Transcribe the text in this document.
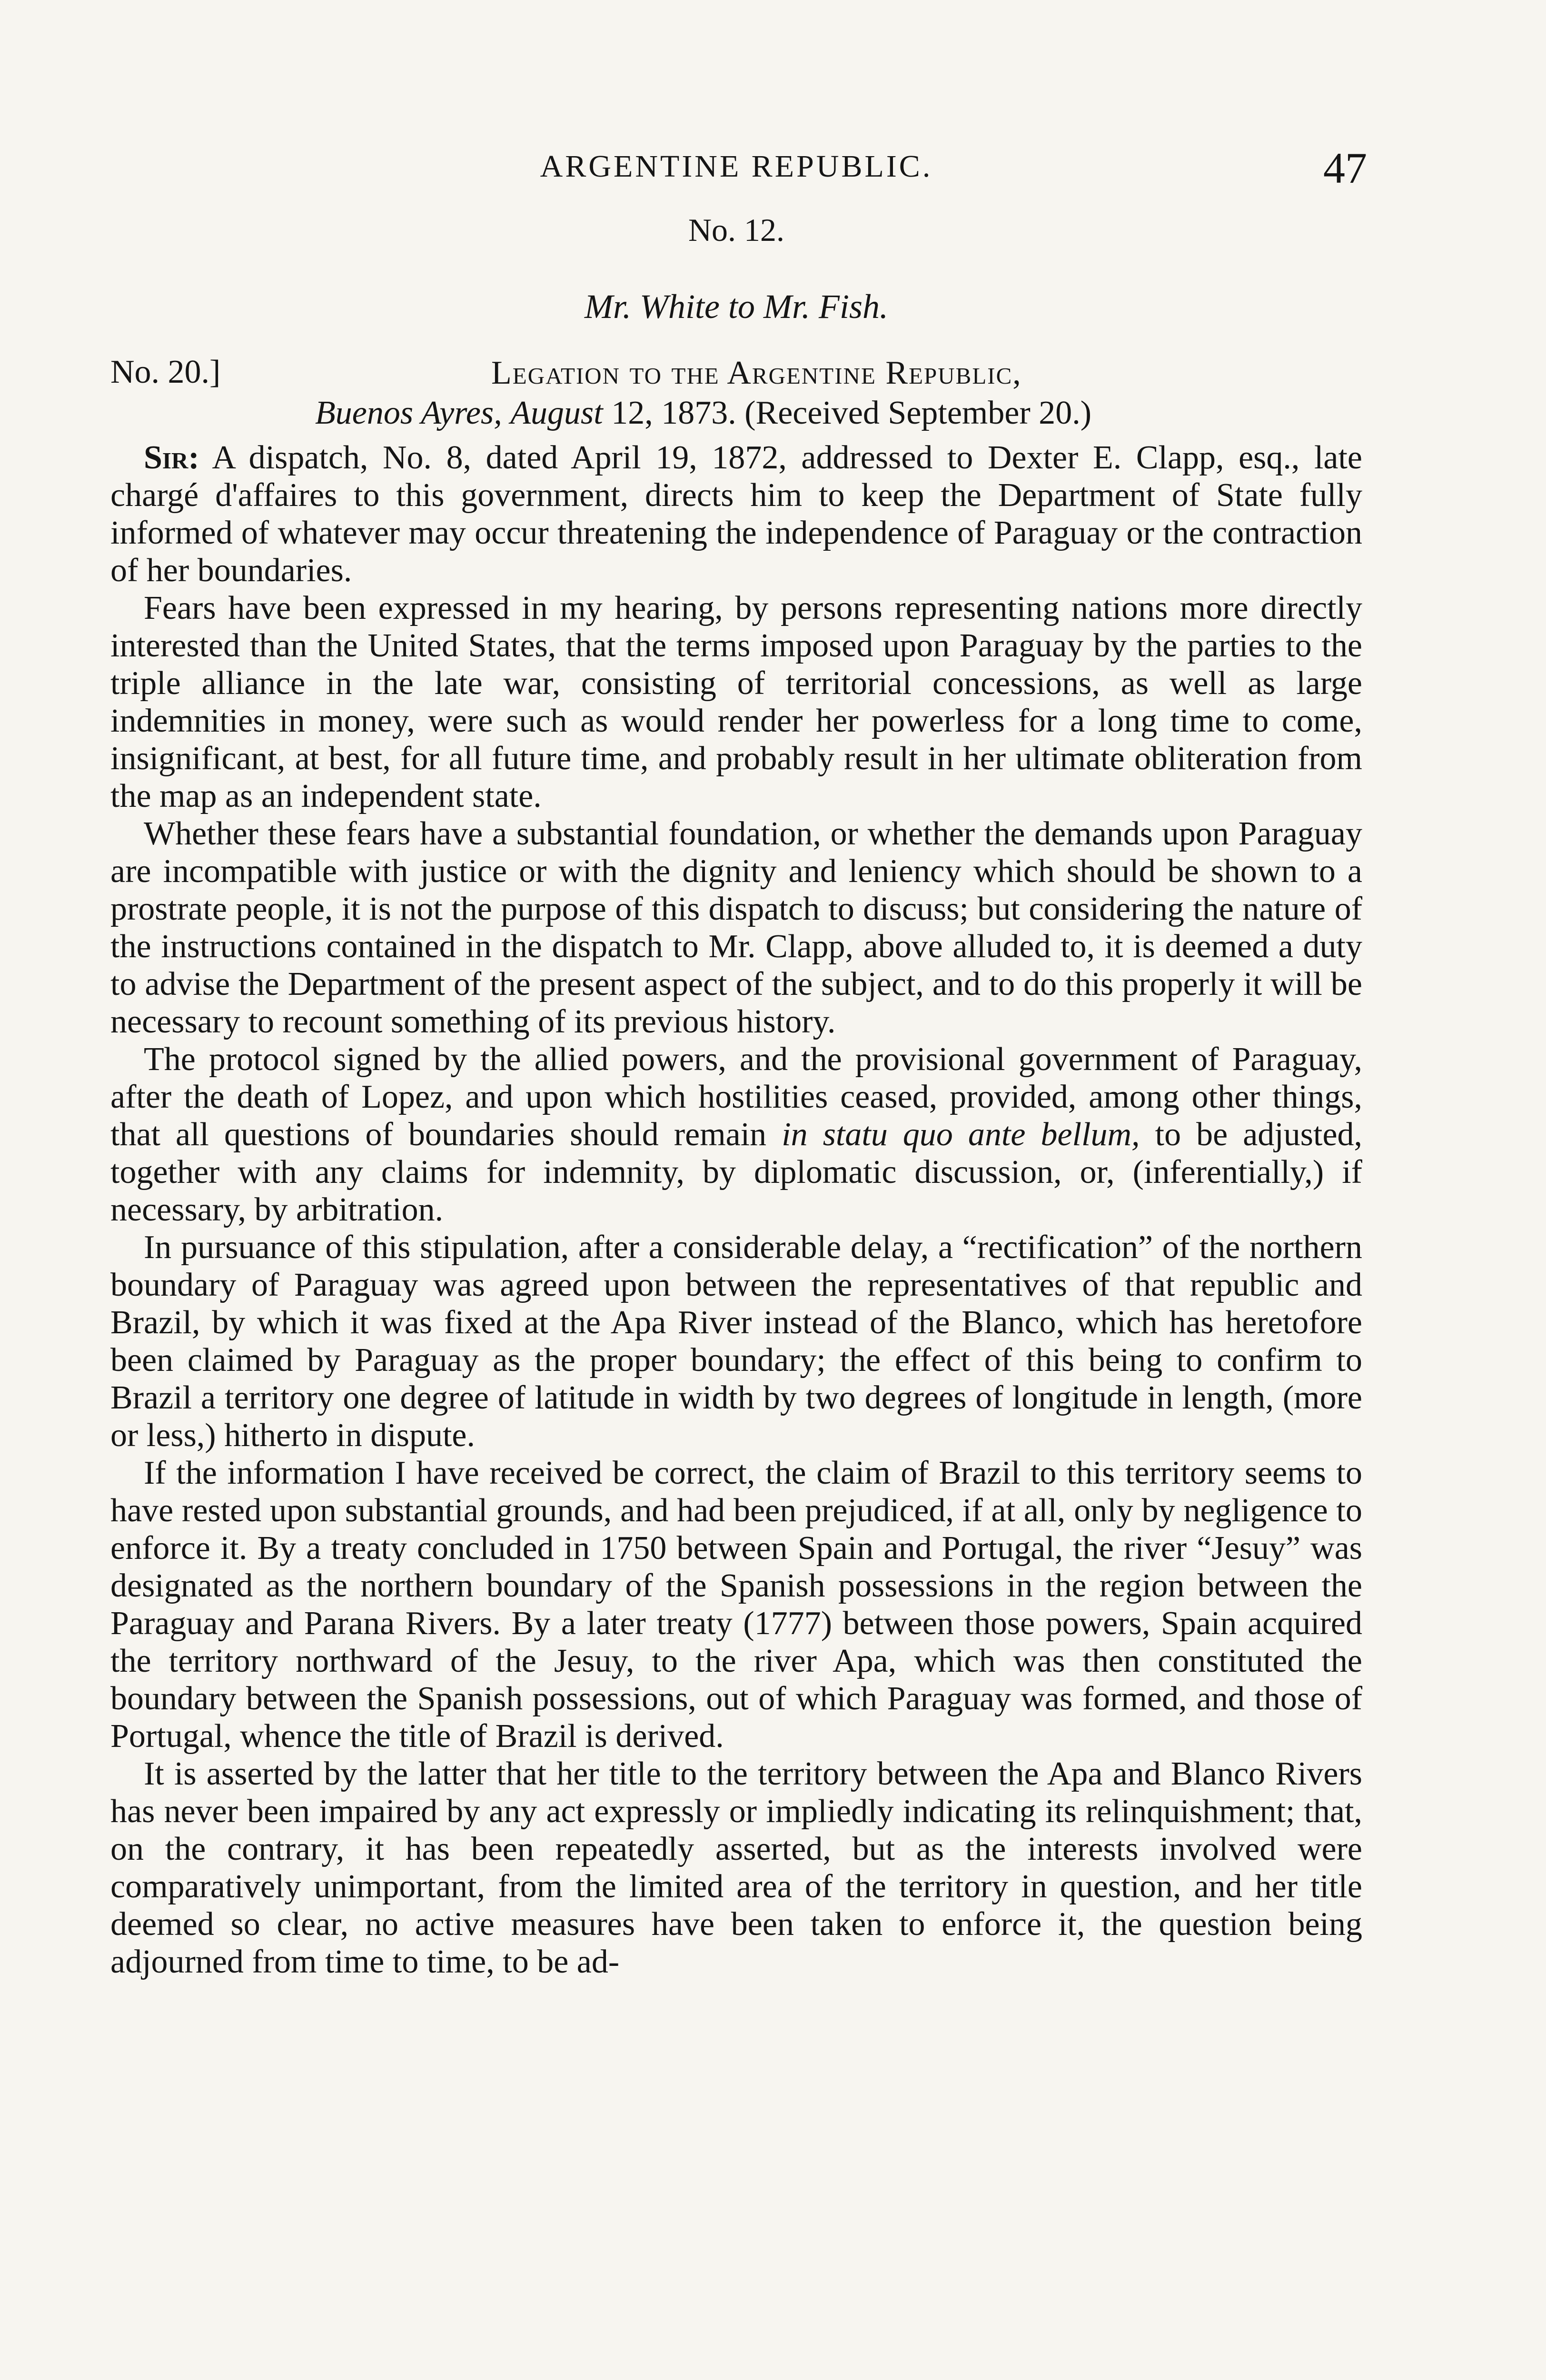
ARGENTINE REPUBLIC.	47
No. 12.
Mr. White to Mr. Fish.
No. 20.]	Legation to the Argentine Republic,
Buenos Ayres, August 12, 1873. (Received September 20.)

Sir: A dispatch, No. 8, dated April 19, 1872, addressed to Dexter E. Clapp, esq., late chargé d'affaires to this government, directs him to keep the Department of State fully informed of whatever may occur threatening the independence of Paraguay or the contraction of her boundaries.

Fears have been expressed in my hearing, by persons representing nations more directly interested than the United States, that the terms imposed upon Paraguay by the parties to the triple alliance in the late war, consisting of territorial concessions, as well as large indemnities in money, were such as would render her powerless for a long time to come, insignificant, at best, for all future time, and probably result in her ultimate obliteration from the map as an independent state.

Whether these fears have a substantial foundation, or whether the demands upon Paraguay are incompatible with justice or with the dignity and leniency which should be shown to a prostrate people, it is not the purpose of this dispatch to discuss; but considering the nature of the instructions contained in the dispatch to Mr. Clapp, above alluded to, it is deemed a duty to advise the Department of the present aspect of the subject, and to do this properly it will be necessary to recount something of its previous history.

The protocol signed by the allied powers, and the provisional government of Paraguay, after the death of Lopez, and upon which hostilities ceased, provided, among other things, that all questions of boundaries should remain in statu quo ante bellum, to be adjusted, together with any claims for indemnity, by diplomatic discussion, or, (inferentially,) if necessary, by arbitration.

In pursuance of this stipulation, after a considerable delay, a “rectification” of the northern boundary of Paraguay was agreed upon between the representatives of that republic and Brazil, by which it was fixed at the Apa River instead of the Blanco, which has heretofore been claimed by Paraguay as the proper boundary; the effect of this being to confirm to Brazil a territory one degree of latitude in width by two degrees of longitude in length, (more or less,) hitherto in dispute.

If the information I have received be correct, the claim of Brazil to this territory seems to have rested upon substantial grounds, and had been prejudiced, if at all, only by negligence to enforce it. By a treaty concluded in 1750 between Spain and Portugal, the river “Jesuy” was designated as the northern boundary of the Spanish possessions in the region between the Paraguay and Parana Rivers. By a later treaty (1777) between those powers, Spain acquired the territory northward of the Jesuy, to the river Apa, which was then constituted the boundary between the Spanish possessions, out of which Paraguay was formed, and those of Portugal, whence the title of Brazil is derived.

It is asserted by the latter that her title to the territory between the Apa and Blanco Rivers has never been impaired by any act expressly or impliedly indicating its relinquishment; that, on the contrary, it has been repeatedly asserted, but as the interests involved were comparatively unimportant, from the limited area of the territory in question, and her title deemed so clear, no active measures have been taken to enforce it, the question being adjourned from time to time, to be ad-
